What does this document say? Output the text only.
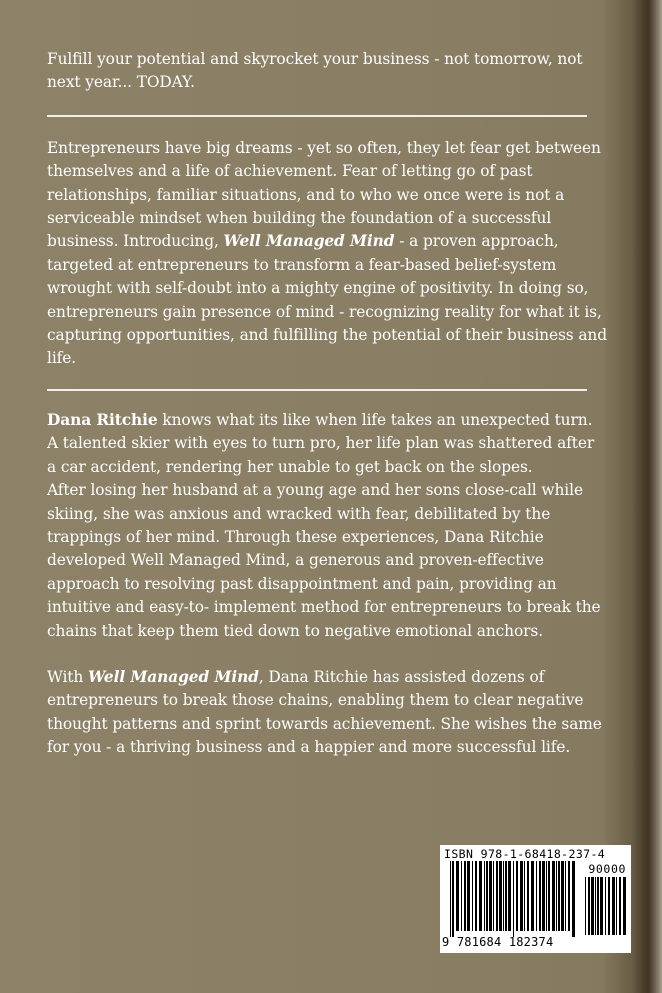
Fulfill your potential and skyrocket your business - not tomorrow, not next year... TODAY.

Entrepreneurs have big dreams - yet so often, they let fear get between themselves and a life of achievement. Fear of letting go of past relationships, familiar situations, and to who we once were is not a serviceable mindset when building the foundation of a successful business. Introducing, Well Managed Mind - a proven approach, targeted at entrepreneurs to transform a fear-based belief-system wrought with self-doubt into a mighty engine of positivity. In doing so, entrepreneurs gain presence of mind - recognizing reality for what it is, capturing opportunities, and fulfilling the potential of their business and life.

Dana Ritchie knows what its like when life takes an unexpected turn. A talented skier with eyes to turn pro, her life plan was shattered after a car accident, rendering her unable to get back on the slopes.
After losing her husband at a young age and her sons close-call while skiing, she was anxious and wracked with fear, debilitated by the trappings of her mind. Through these experiences, Dana Ritchie developed Well Managed Mind, a generous and proven-effective approach to resolving past disappointment and pain, providing an intuitive and easy-to- implement method for entrepreneurs to break the chains that keep them tied down to negative emotional anchors.

With Well Managed Mind, Dana Ritchie has assisted dozens of entrepreneurs to break those chains, enabling them to clear negative thought patterns and sprint towards achievement. She wishes the same for you - a thriving business and a happier and more successful life.

ISBN 978-1-68418-237-4
90000
9 781684 182374
